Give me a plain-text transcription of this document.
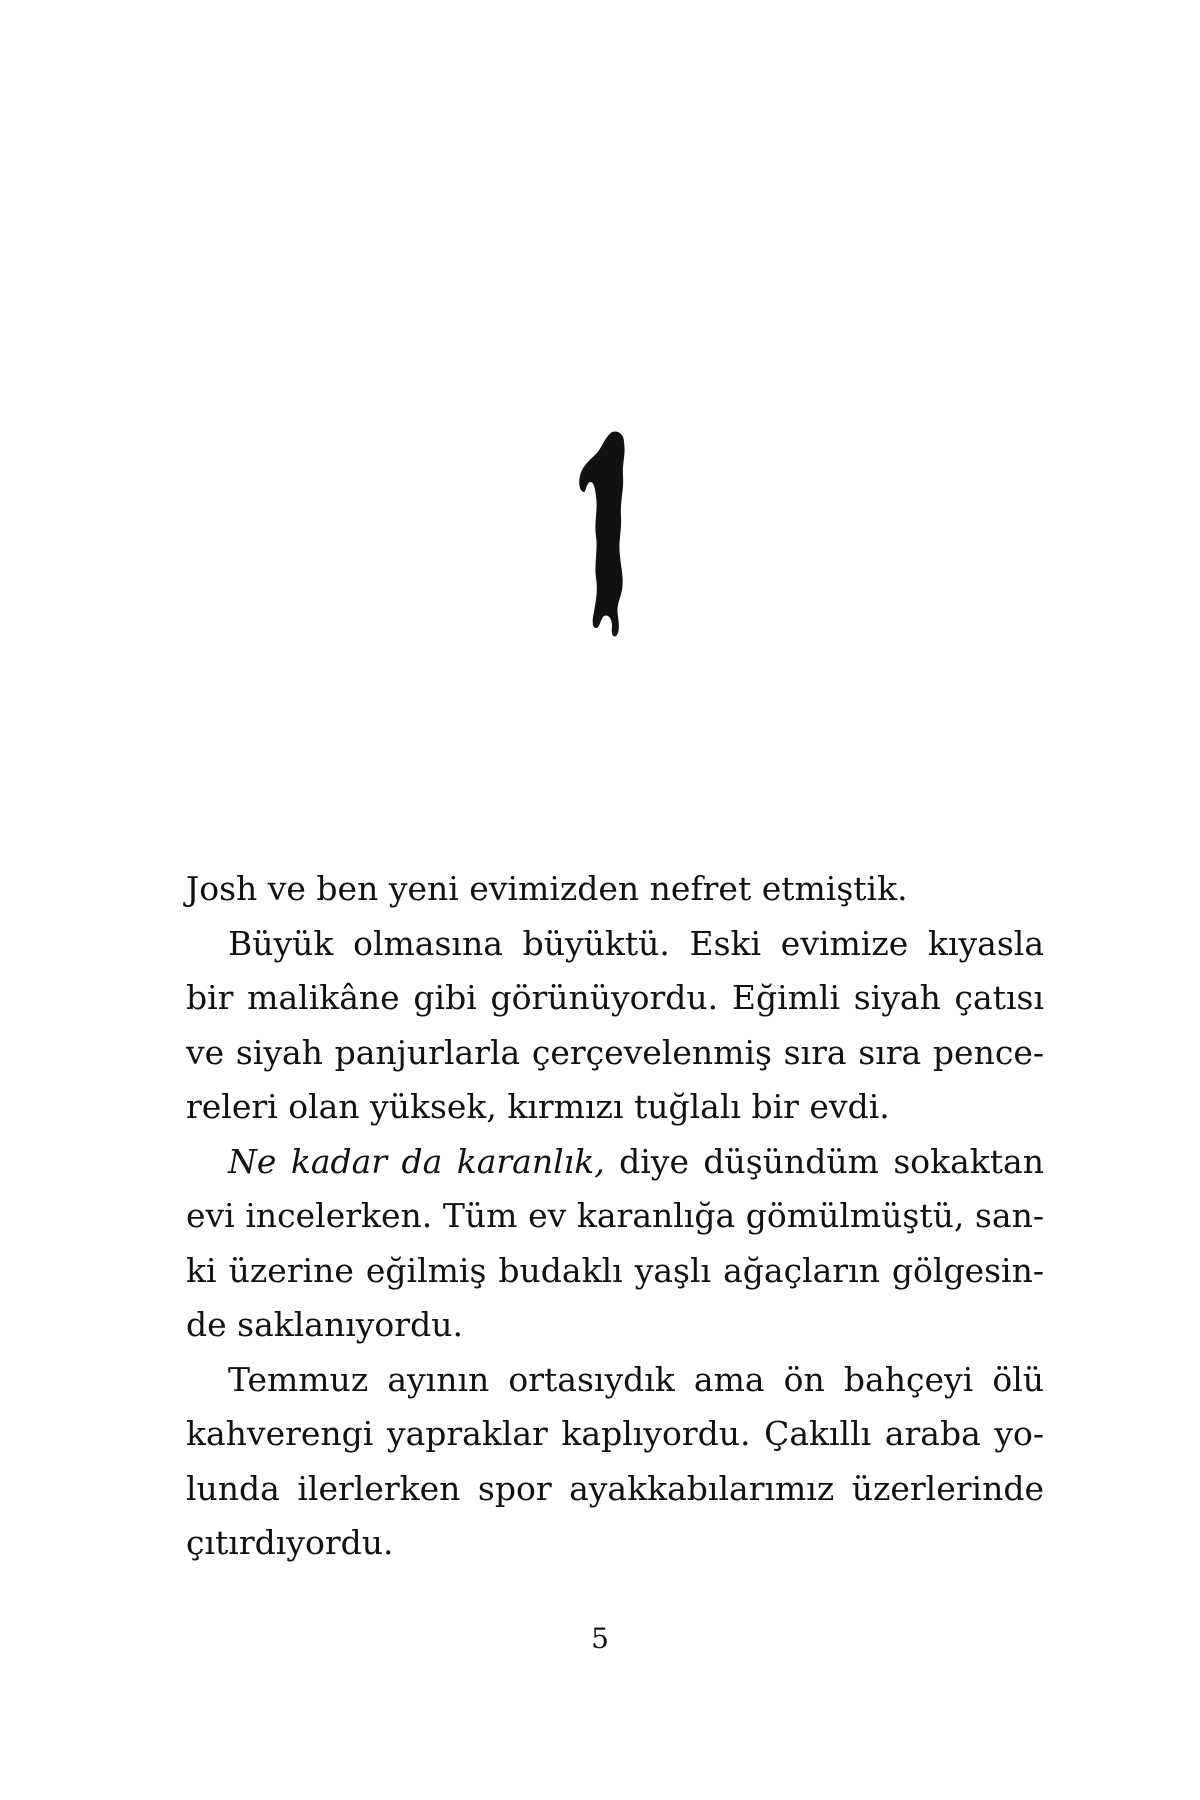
Josh ve ben yeni evimizden nefret etmiştik.

Büyük olmasına büyüktü. Eski evimize kıyasla
bir malikâne gibi görünüyordu. Eğimli siyah çatısı
ve siyah panjurlarla çerçevelenmiş sıra sıra pence-
releri olan yüksek, kırmızı tuğlalı bir evdi.

Ne kadar da karanlık, diye düşündüm sokaktan
evi incelerken. Tüm ev karanlığa gömülmüştü, san-
ki üzerine eğilmiş budaklı yaşlı ağaçların gölgesin-
de saklanıyordu.

Temmuz ayının ortasıydık ama ön bahçeyi ölü
kahverengi yapraklar kaplıyordu. Çakıllı araba yo-
lunda ilerlerken spor ayakkabılarımız üzerlerinde
çıtırdıyordu.

5
